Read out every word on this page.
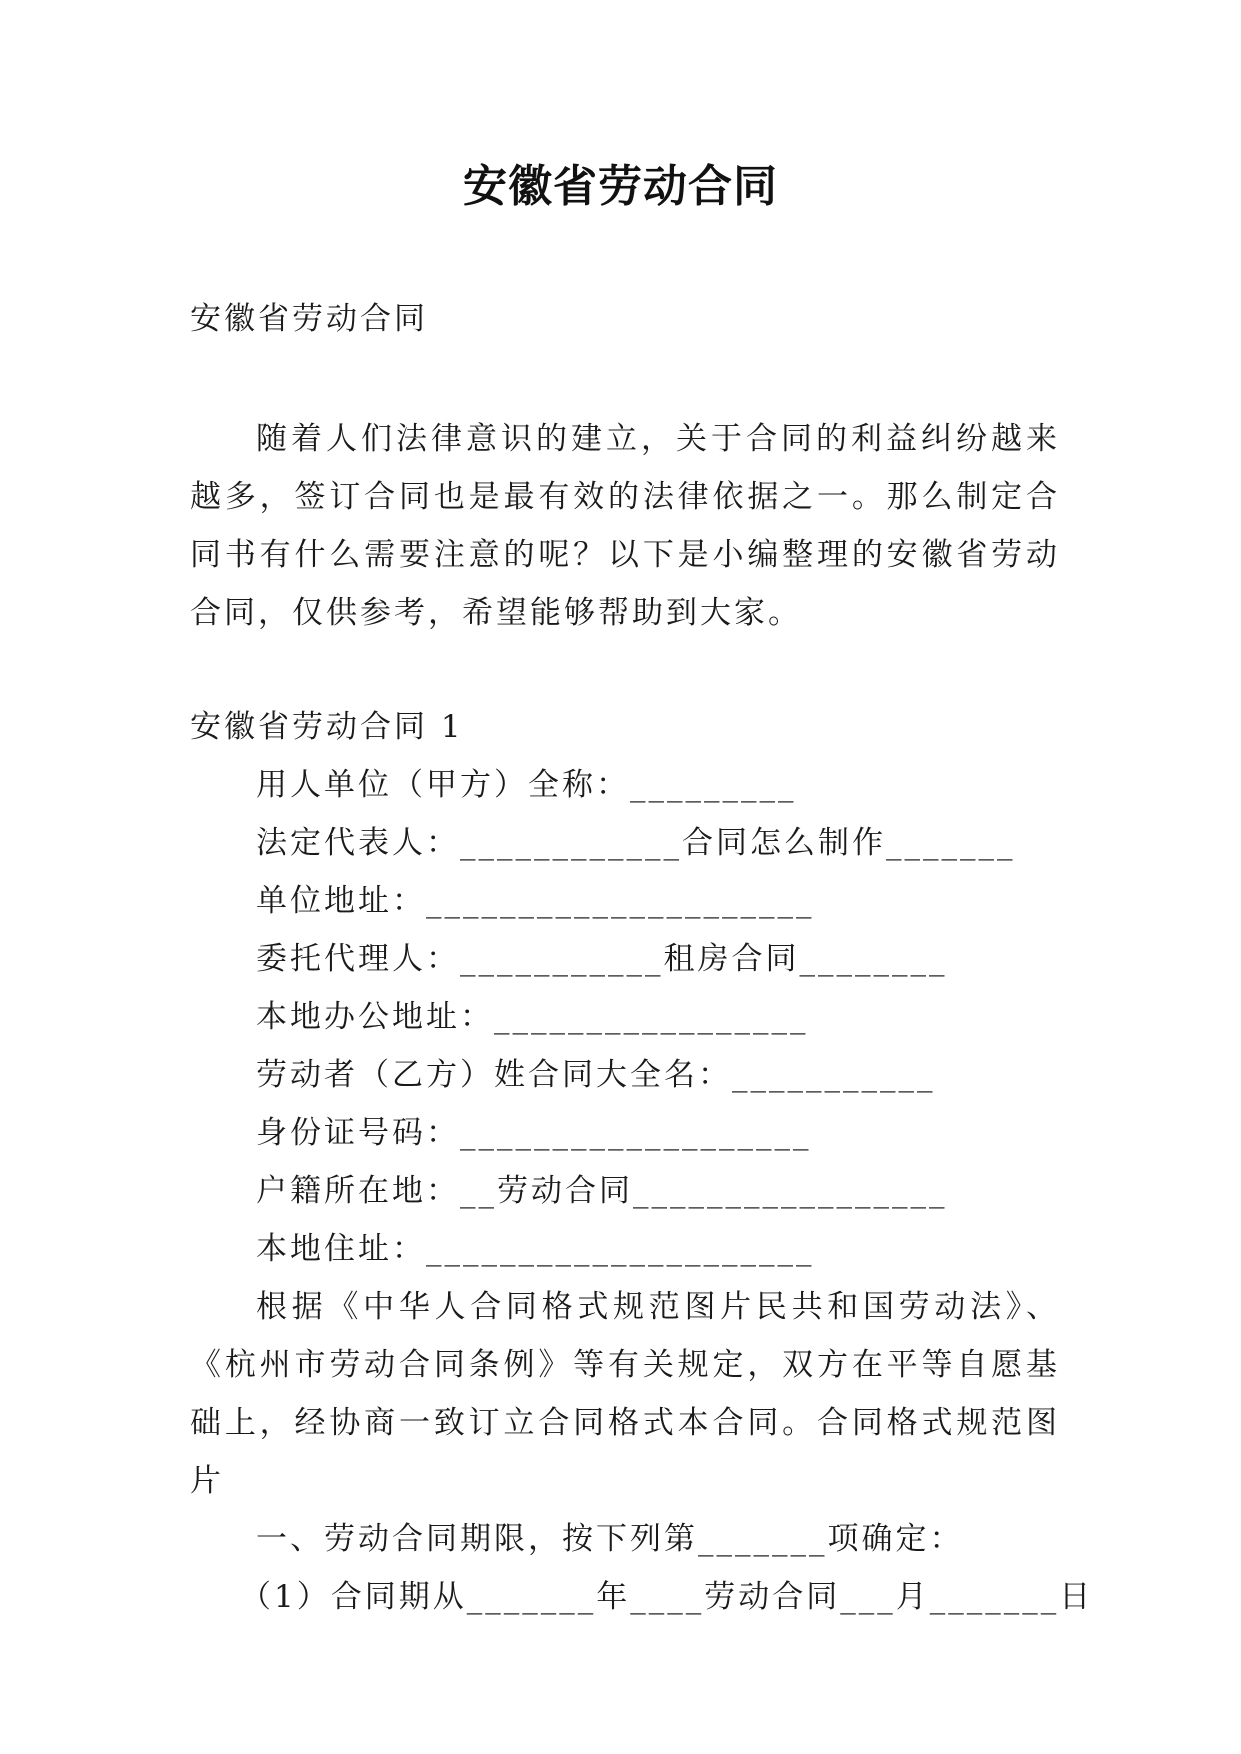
安徽省劳动合同

安徽省劳动合同

随着人们法律意识的建立，关于合同的利益纠纷越来越多，签订合同也是最有效的法律依据之一。那么制定合同书有什么需要注意的呢？以下是小编整理的安徽省劳动合同，仅供参考，希望能够帮助到大家。

安徽省劳动合同 1

用人单位（甲方）全称：_________

法定代表人：____________合同怎么制作_______

单位地址：_____________________

委托代理人：___________租房合同________

本地办公地址：_________________

劳动者（乙方）姓合同大全名：___________

身份证号码：___________________

户籍所在地：__劳动合同_________________

本地住址：_____________________

根据《中华人合同格式规范图片民共和国劳动法》、《杭州市劳动合同条例》等有关规定，双方在平等自愿基础上，经协商一致订立合同格式本合同。合同格式规范图片

一、劳动合同期限，按下列第_______项确定：

（1）合同期从_______年____劳动合同___月_______日
